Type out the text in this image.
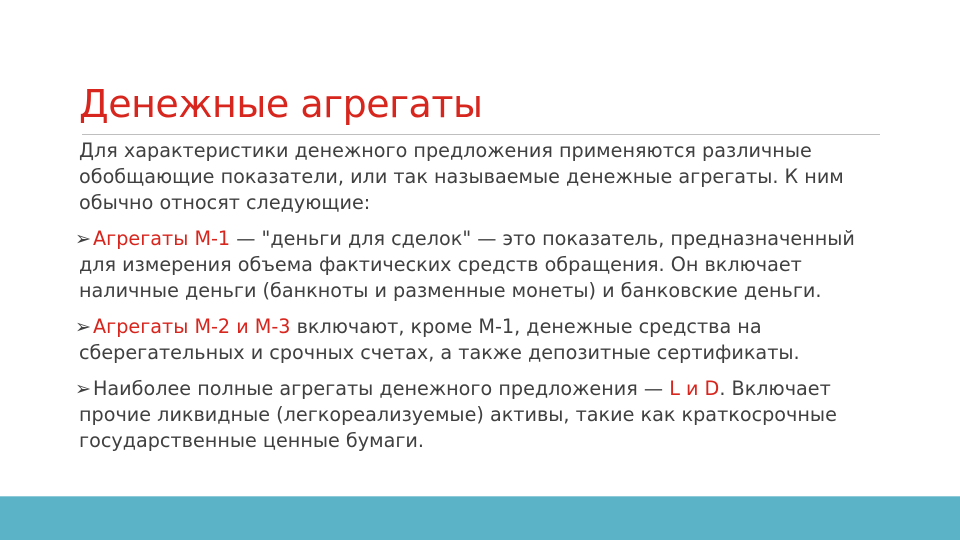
Денежные агрегаты

Для характеристики денежного предложения применяются различные обобщающие показатели, или так называемые денежные агрегаты. К ним обычно относят следующие:

➢
Агрегаты М-1 — "деньги для сделок" — это показатель, предназначенный для измерения объема фактических средств обращения. Он включает наличные деньги (банкноты и разменные монеты) и банковские деньги.
➢
Агрегаты М-2 и М-3 включают, кроме М-1, денежные средства на сберегательных и срочных счетах, а также депозитные сертификаты.
➢
Наиболее полные агрегаты денежного предложения — L и D. Включает прочие ликвидные (легкореализуемые) активы, такие как краткосрочные государственные ценные бумаги.
